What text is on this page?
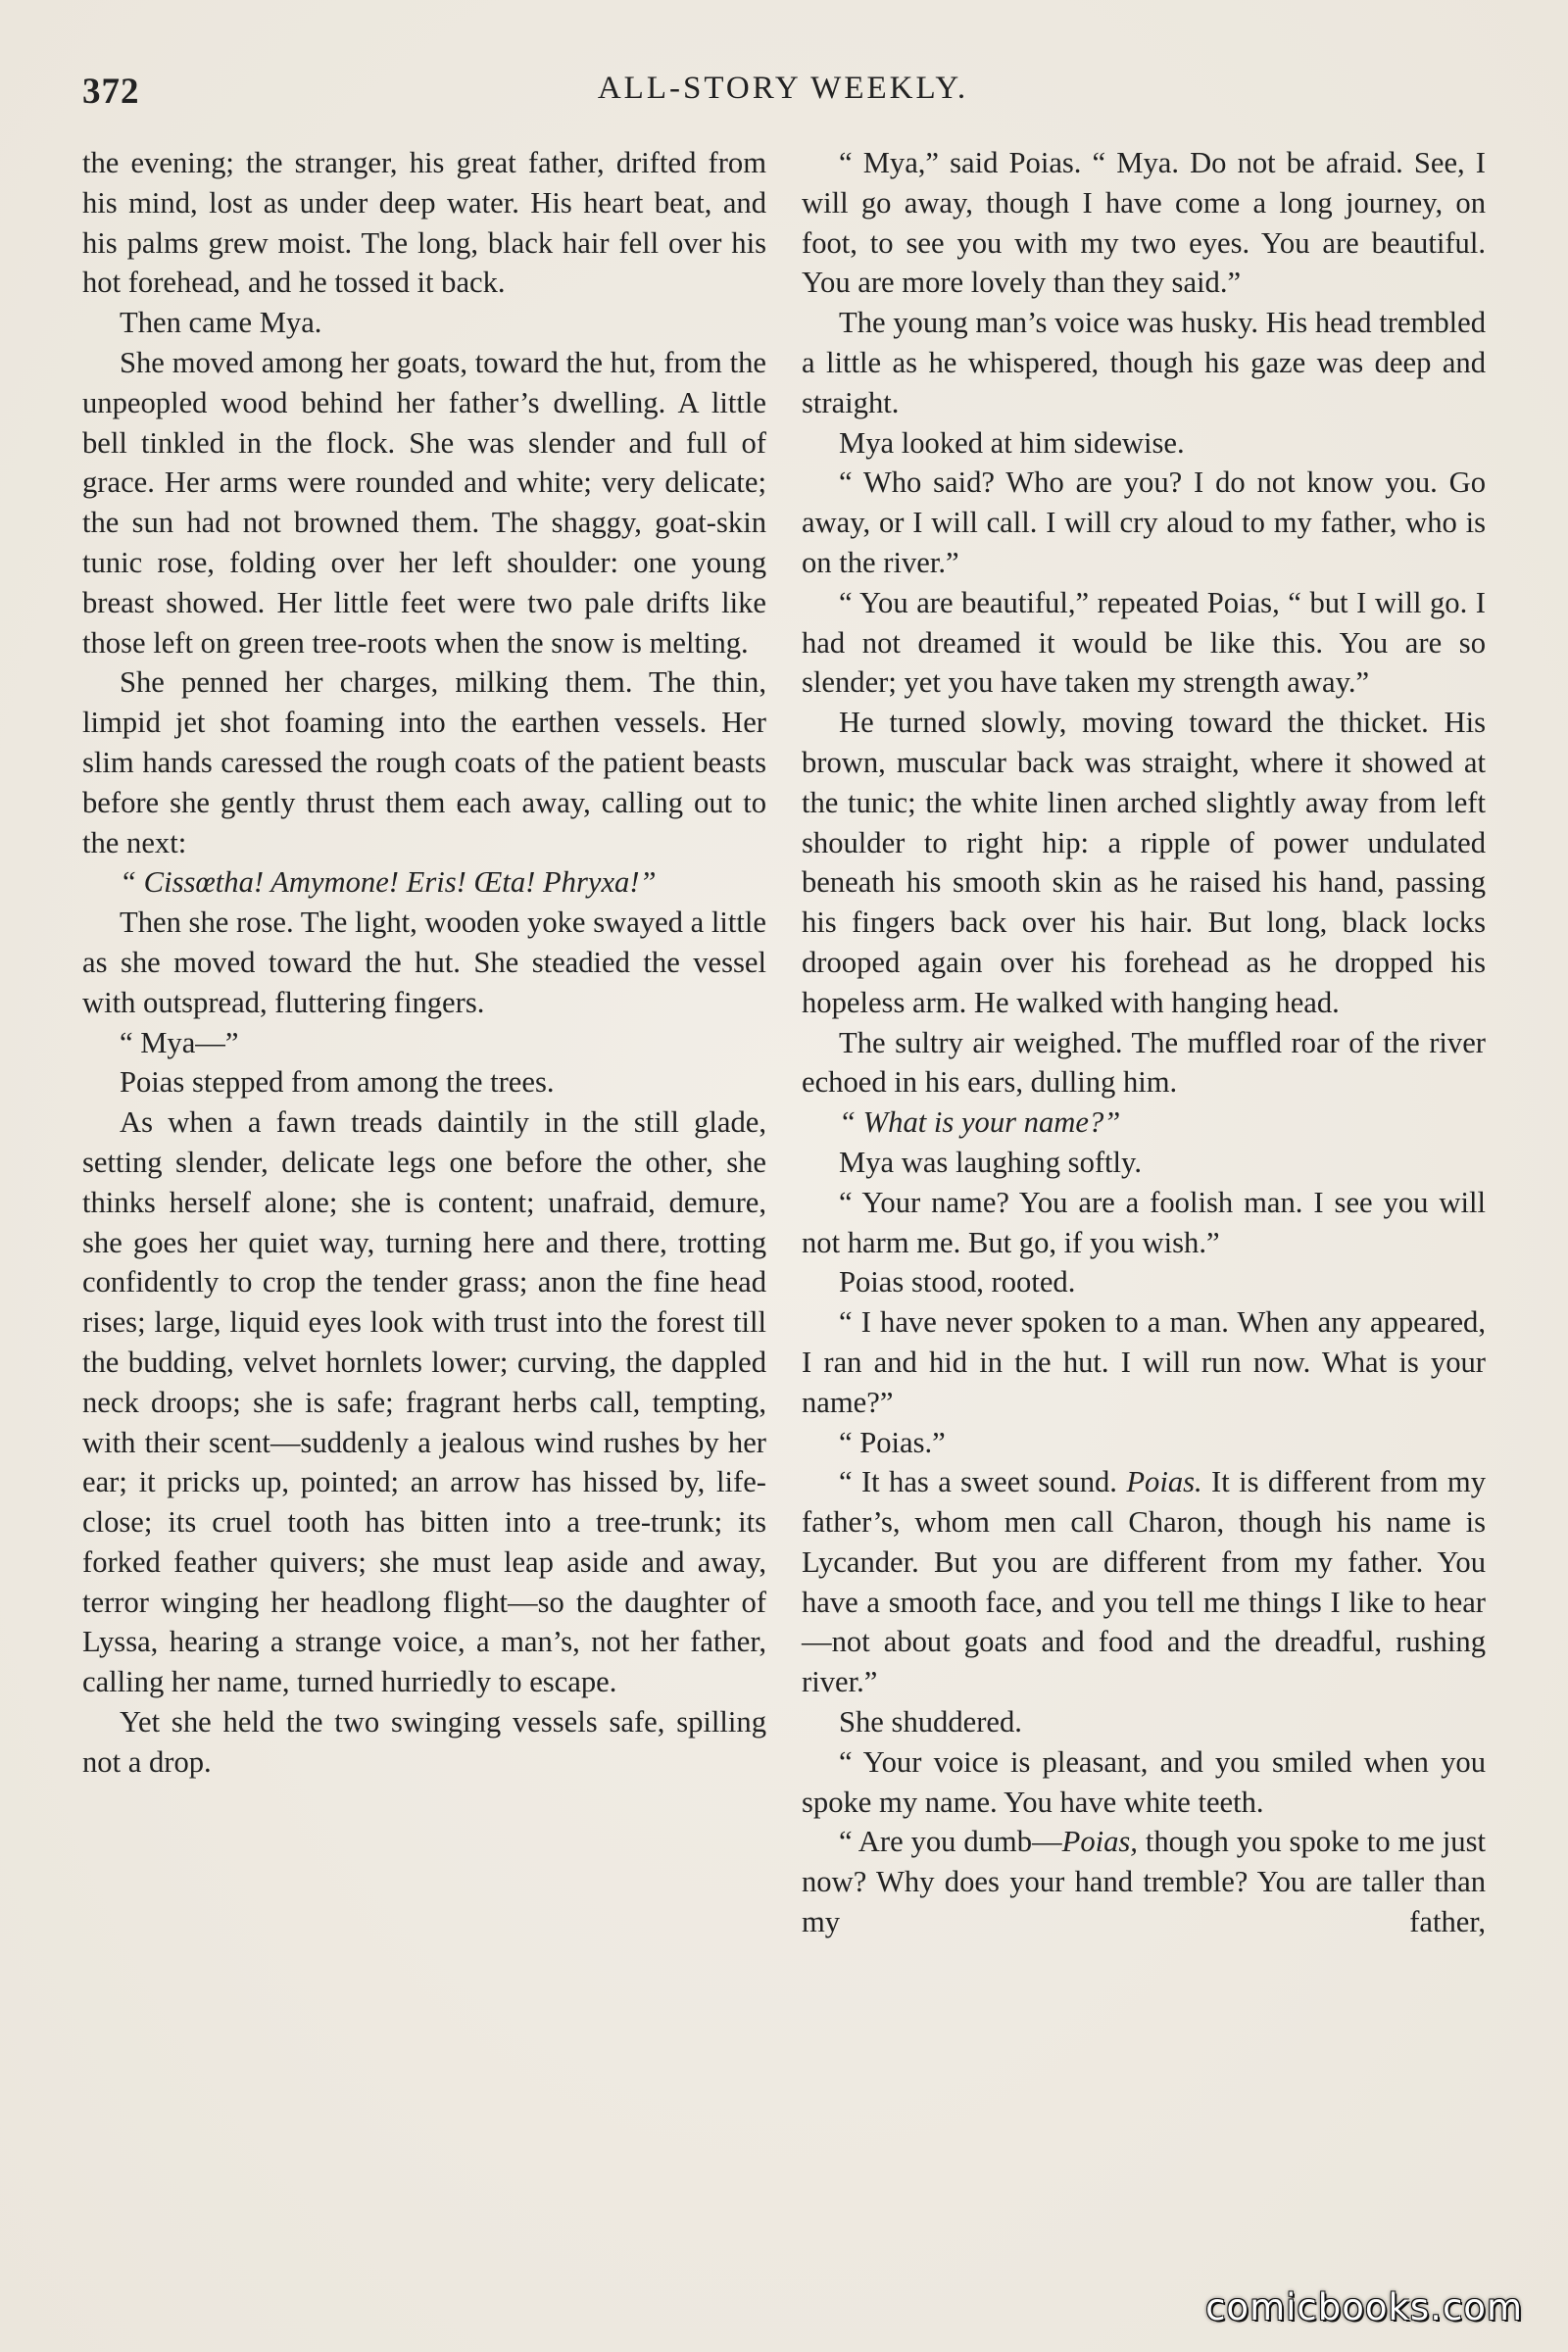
372	ALL-STORY WEEKLY.

the evening; the stranger, his great father, drifted from his mind, lost as under deep water. His heart beat, and his palms grew moist. The long, black hair fell over his hot forehead, and he tossed it back.

Then came Mya.

She moved among her goats, toward the hut, from the unpeopled wood behind her father’s dwelling. A little bell tinkled in the flock. She was slender and full of grace. Her arms were rounded and white; very delicate; the sun had not browned them. The shaggy, goat-skin tunic rose, folding over her left shoulder: one young breast showed. Her little feet were two pale drifts like those left on green tree-roots when the snow is melting.

She penned her charges, milking them. The thin, limpid jet shot foaming into the earthen vessels. Her slim hands caressed the rough coats of the patient beasts before she gently thrust them each away, calling out to the next:

“ Cissœtha! Amymone! Eris! Œta! Phryxa!”

Then she rose. The light, wooden yoke swayed a little as she moved toward the hut. She steadied the vessel with outspread, fluttering fingers.

“ Mya—”

Poias stepped from among the trees.

As when a fawn treads daintily in the still glade, setting slender, delicate legs one before the other, she thinks herself alone; she is content; unafraid, demure, she goes her quiet way, turning here and there, trotting confidently to crop the tender grass; anon the fine head rises; large, liquid eyes look with trust into the forest till the budding, velvet hornlets lower; curving, the dappled neck droops; she is safe; fragrant herbs call, tempting, with their scent—suddenly a jealous wind rushes by her ear; it pricks up, pointed; an arrow has hissed by, life-close; its cruel tooth has bitten into a tree-trunk; its forked feather quivers; she must leap aside and away, terror winging her headlong flight—so the daughter of Lyssa, hearing a strange voice, a man’s, not her father, calling her name, turned hurriedly to escape.

Yet she held the two swinging vessels safe, spilling not a drop.

“ Mya,” said Poias. “ Mya. Do not be afraid. See, I will go away, though I have come a long journey, on foot, to see you with my two eyes. You are beautiful. You are more lovely than they said.”

The young man’s voice was husky. His head trembled a little as he whispered, though his gaze was deep and straight.

Mya looked at him sidewise.

“ Who said? Who are you? I do not know you. Go away, or I will call. I will cry aloud to my father, who is on the river.”

“ You are beautiful,” repeated Poias, “ but I will go. I had not dreamed it would be like this. You are so slender; yet you have taken my strength away.”

He turned slowly, moving toward the thicket. His brown, muscular back was straight, where it showed at the tunic; the white linen arched slightly away from left shoulder to right hip: a ripple of power undulated beneath his smooth skin as he raised his hand, passing his fingers back over his hair. But long, black locks drooped again over his forehead as he dropped his hopeless arm. He walked with hanging head.

The sultry air weighed. The muffled roar of the river echoed in his ears, dulling him.

“ What is your name?”

Mya was laughing softly.

“ Your name? You are a foolish man. I see you will not harm me. But go, if you wish.”

Poias stood, rooted.

“ I have never spoken to a man. When any appeared, I ran and hid in the hut. I will run now. What is your name?”

“ Poias.”

“ It has a sweet sound. Poias. It is different from my father’s, whom men call Charon, though his name is Lycander. But you are different from my father. You have a smooth face, and you tell me things I like to hear—not about goats and food and the dreadful, rushing river.”

She shuddered.

“ Your voice is pleasant, and you smiled when you spoke my name. You have white teeth.

“ Are you dumb—Poias, though you spoke to me just now? Why does your hand tremble? You are taller than my father,

comicbooks.com
